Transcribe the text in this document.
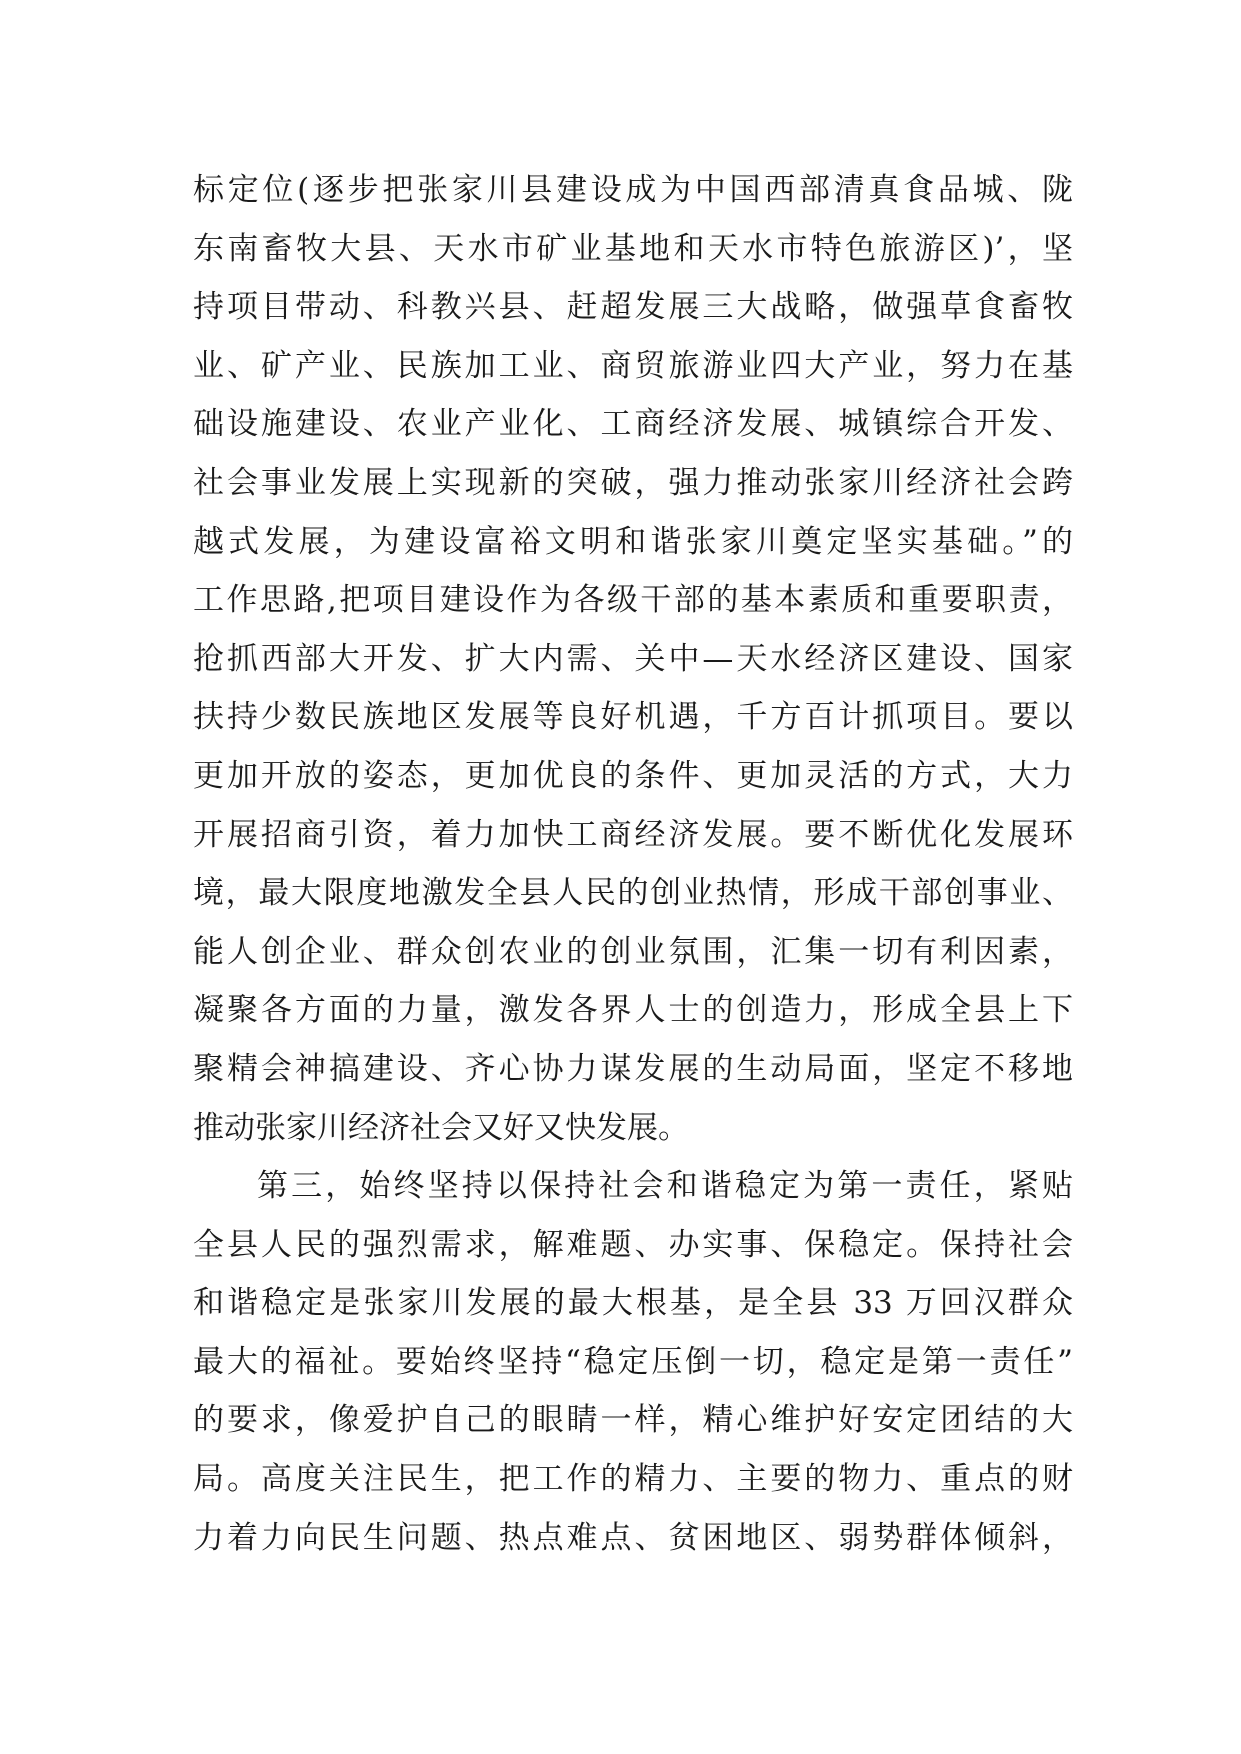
标定位(逐步把张家川县建设成为中国西部清真食品城、陇
东南畜牧大县、天水市矿业基地和天水市特色旅游区)’，坚
持项目带动、科教兴县、赶超发展三大战略，做强草食畜牧
业、矿产业、民族加工业、商贸旅游业四大产业，努力在基
础设施建设、农业产业化、工商经济发展、城镇综合开发、
社会事业发展上实现新的突破，强力推动张家川经济社会跨
越式发展，为建设富裕文明和谐张家川奠定坚实基础。”的
工作思路,把项目建设作为各级干部的基本素质和重要职责，
抢抓西部大开发、扩大内需、关中—天水经济区建设、国家
扶持少数民族地区发展等良好机遇，千方百计抓项目。要以
更加开放的姿态，更加优良的条件、更加灵活的方式，大力
开展招商引资，着力加快工商经济发展。要不断优化发展环
境，最大限度地激发全县人民的创业热情，形成干部创事业、
能人创企业、群众创农业的创业氛围，汇集一切有利因素，
凝聚各方面的力量，激发各界人士的创造力，形成全县上下
聚精会神搞建设、齐心协力谋发展的生动局面，坚定不移地
推动张家川经济社会又好又快发展。
第三，始终坚持以保持社会和谐稳定为第一责任，紧贴
全县人民的强烈需求，解难题、办实事、保稳定。保持社会
和谐稳定是张家川发展的最大根基，是全县 33 万回汉群众
最大的福祉。要始终坚持“稳定压倒一切，稳定是第一责任”
的要求，像爱护自己的眼睛一样，精心维护好安定团结的大
局。高度关注民生，把工作的精力、主要的物力、重点的财
力着力向民生问题、热点难点、贫困地区、弱势群体倾斜，
